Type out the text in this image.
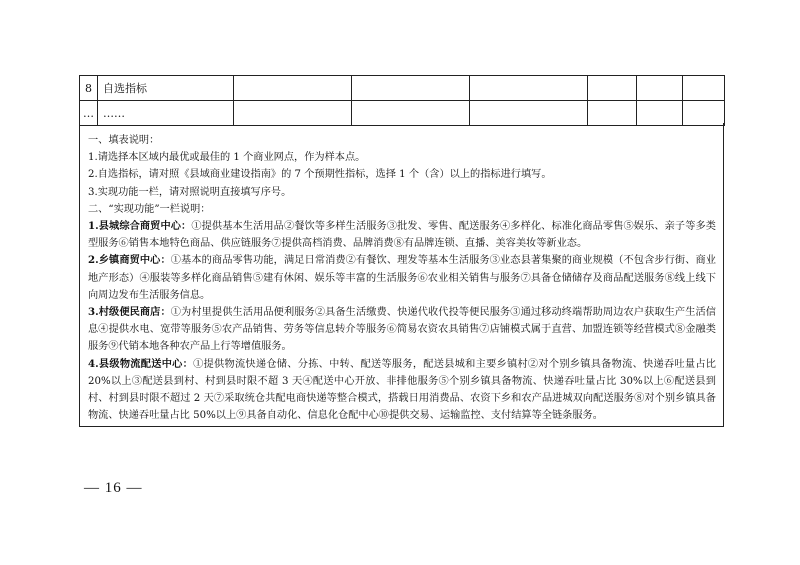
8	自选指标						
…	……						

一、填表说明：

1.请选择本区域内最优或最佳的 1 个商业网点，作为样本点。

2.自选指标，请对照《县域商业建设指南》的 7 个预期性指标，选择 1 个（含）以上的指标进行填写。

3.实现功能一栏，请对照说明直接填写序号。

二、“实现功能”一栏说明：

1.县城综合商贸中心：①提供基本生活用品②餐饮等多样生活服务③批发、零售、配送服务④多样化、标准化商品零售⑤娱乐、亲子等多类型服务⑥销售本地特色商品、供应链服务⑦提供高档消费、品牌消费⑧有品牌连锁、直播、美容美妆等新业态。

2.乡镇商贸中心：①基本的商品零售功能，满足日常消费②有餐饮、理发等基本生活服务③业态县著集聚的商业规模（不包含步行街、商业地产形态）④服装等多样化商品销售⑤建有休闲、娱乐等丰富的生活服务⑥农业相关销售与服务⑦具备仓储储存及商品配送服务⑧线上线下向周边发布生活服务信息。

3.村级便民商店：①为村里提供生活用品便利服务②具备生活缴费、快递代收代投等便民服务③通过移动终端帮助周边农户获取生产生活信息④提供水电、宽带等服务⑤农产品销售、劳务等信息转介等服务⑥简易农资农具销售⑦店铺模式属于直营、加盟连锁等经营模式⑧金融类服务⑨代销本地各种农产品上行等增值服务。

4.县级物流配送中心：①提供物流快递仓储、分拣、中转、配送等服务，配送县城和主要乡镇村②对个别乡镇具备物流、快递吞吐量占比 20%以上③配送县到村、村到县时限不超 3 天④配送中心开放、非排他服务⑤个别乡镇具备物流、快递吞吐量占比 30%以上⑥配送县到村、村到县时限不超过 2 天⑦采取统仓共配电商快递等整合模式，搭载日用消费品、农资下乡和农产品进城双向配送服务⑧对个别乡镇具备物流、快递吞吐量占比 50%以上⑨具备自动化、信息化仓配中心⑩提供交易、运输监控、支付结算等全链条服务。

— 16 —
